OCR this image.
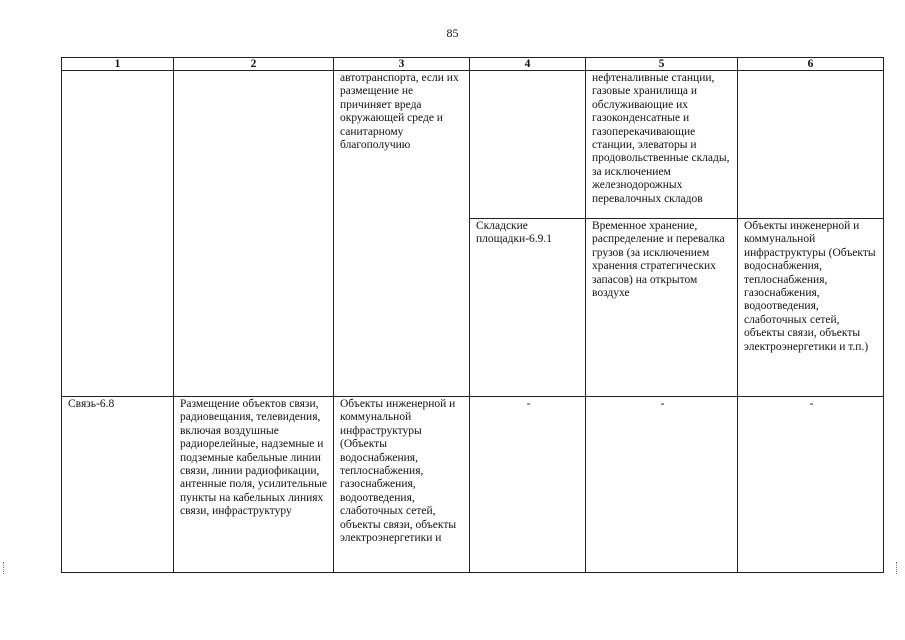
85
1	2	3	4	5	6
		автотранспорта, если их размещение не причиняет вреда окружающей среде и санитарному благополучию		нефтеналивные станции, газовые хранилища и обслуживающие их газоконденсатные и газоперекачивающие станции, элеваторы и продовольственные склады, за исключением железнодорожных перевалочных складов	
			Складские площадки-6.9.1	Временное хранение, распределение и перевалка грузов (за исключением хранения стратегических запасов) на открытом воздухе	Объекты инженерной и коммунальной инфраструктуры (Объекты водоснабжения, теплоснабжения, газоснабжения, водоотведения, слаботочных сетей, объекты связи, объекты электроэнергетики и т.п.)
Связь-6.8	Размещение объектов связи, радиовещания, телевидения, включая воздушные радиорелейные, надземные и подземные кабельные линии связи, линии радиофикации, антенные поля, усилительные пункты на кабельных линиях связи, инфраструктуру	Объекты инженерной и коммунальной инфраструктуры (Объекты водоснабжения, теплоснабжения, газоснабжения, водоотведения, слаботочных сетей, объекты связи, объекты электроэнергетики и	-	-	-
